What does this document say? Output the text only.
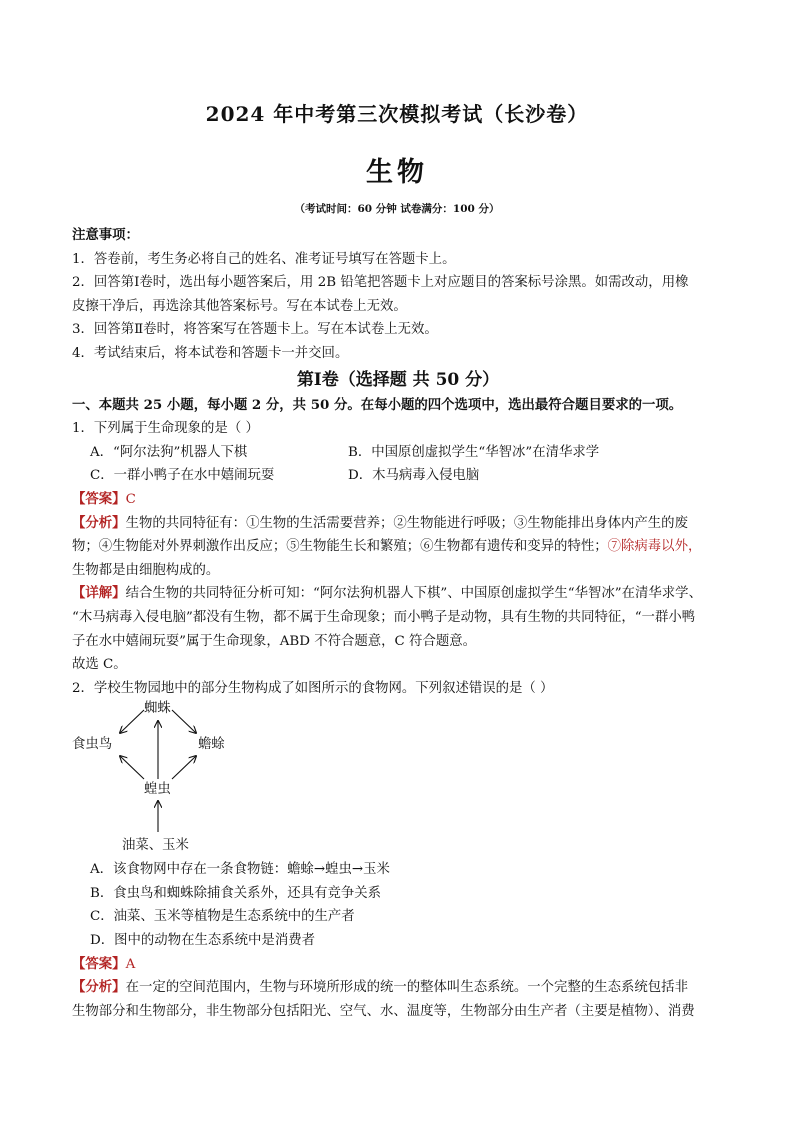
2024 年中考第三次模拟考试（长沙卷）
生物
（考试时间：60 分钟 试卷满分：100 分）
注意事项：
1．答卷前，考生务必将自己的姓名、准考证号填写在答题卡上。
2．回答第Ⅰ卷时，选出每小题答案后，用 2B 铅笔把答题卡上对应题目的答案标号涂黑。如需改动，用橡
皮擦干净后，再选涂其他答案标号。写在本试卷上无效。
3．回答第Ⅱ卷时，将答案写在答题卡上。写在本试卷上无效。
4．考试结束后，将本试卷和答题卡一并交回。
第Ⅰ卷（选择题 共 50 分）
一、本题共 25 小题，每小题 2 分，共 50 分。在每小题的四个选项中，选出最符合题目要求的一项。
1．下列属于生命现象的是（ ）
A．“阿尔法狗”机器人下棋	B．中国原创虚拟学生“华智冰”在清华求学
C．一群小鸭子在水中嬉闹玩耍	D．木马病毒入侵电脑
【答案】C
【分析】生物的共同特征有：①生物的生活需要营养；②生物能进行呼吸；③生物能排出身体内产生的废
物；④生物能对外界刺激作出反应；⑤生物能生长和繁殖；⑥生物都有遗传和变异的特性；⑦除病毒以外，
生物都是由细胞构成的。
【详解】结合生物的共同特征分析可知：“阿尔法狗机器人下棋”、中国原创虚拟学生“华智冰”在清华求学、
“木马病毒入侵电脑”都没有生物，都不属于生命现象；而小鸭子是动物，具有生物的共同特征，“一群小鸭
子在水中嬉闹玩耍”属于生命现象，ABD 不符合题意，C 符合题意。
故选 C。
2．学校生物园地中的部分生物构成了如图所示的食物网。下列叙述错误的是（ ）
蜘蛛
食虫鸟	蟾蜍
蝗虫
油菜、玉米
A．该食物网中存在一条食物链：蟾蜍→蝗虫→玉米
B．食虫鸟和蜘蛛除捕食关系外，还具有竞争关系
C．油菜、玉米等植物是生态系统中的生产者
D．图中的动物在生态系统中是消费者
【答案】A
【分析】在一定的空间范围内，生物与环境所形成的统一的整体叫生态系统。一个完整的生态系统包括非
生物部分和生物部分，非生物部分包括阳光、空气、水、温度等，生物部分由生产者（主要是植物）、消费
